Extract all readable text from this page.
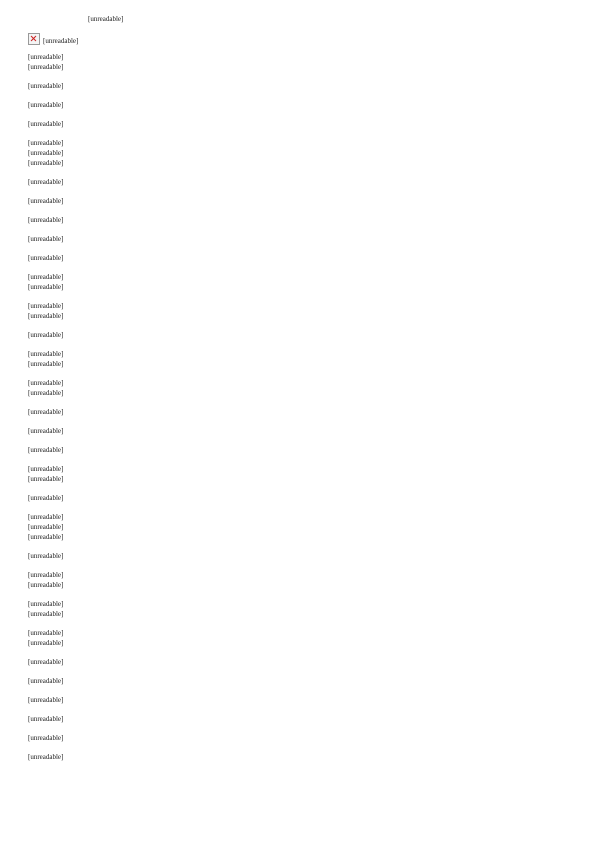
[unreadable]
[unreadable]
[unreadable]
[unreadable]
[unreadable]
[unreadable]
[unreadable]
[unreadable]
[unreadable]
[unreadable]
[unreadable]
[unreadable]
[unreadable]
[unreadable]
[unreadable]
[unreadable]
[unreadable]
[unreadable]
[unreadable]
[unreadable]
[unreadable]
[unreadable]
[unreadable]
[unreadable]
[unreadable]
[unreadable]
[unreadable]
[unreadable]
[unreadable]
[unreadable]
[unreadable]
[unreadable]
[unreadable]
[unreadable]
[unreadable]
[unreadable]
[unreadable]
[unreadable]
[unreadable]
[unreadable]
[unreadable]
[unreadable]
[unreadable]
[unreadable]
[unreadable]
[unreadable]
